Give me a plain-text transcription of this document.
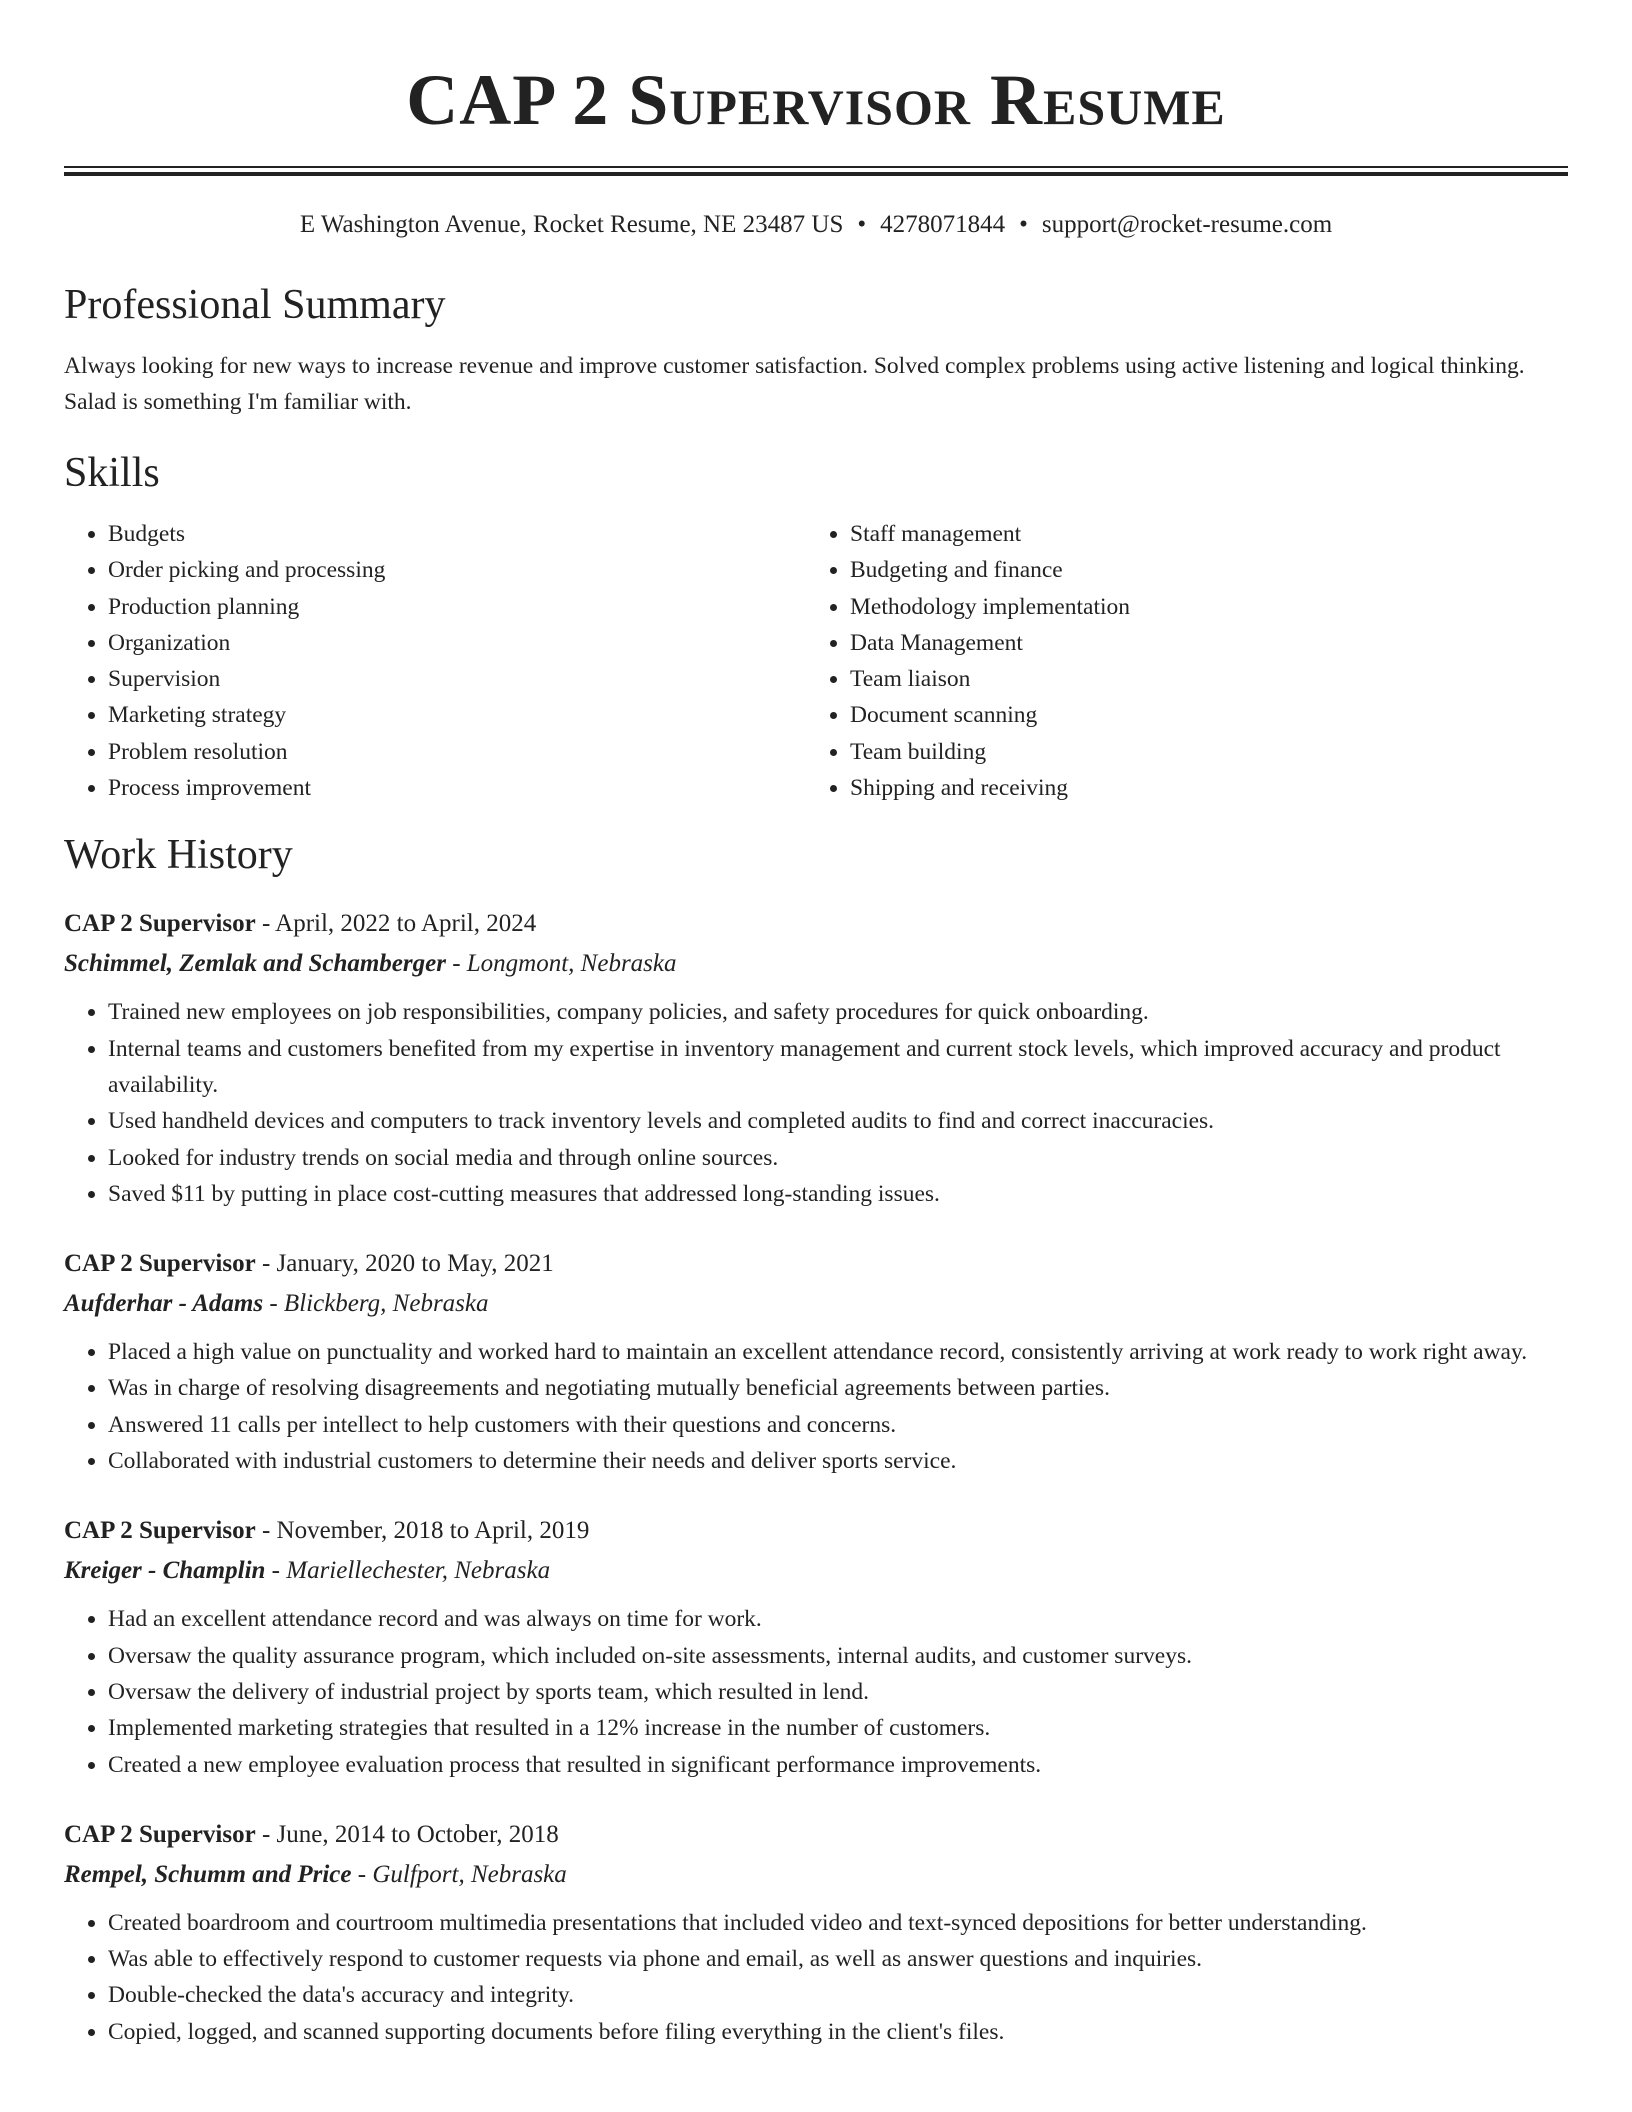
CAP 2 Supervisor Resume
E Washington Avenue, Rocket Resume, NE 23487 US • 4278071844 • support@rocket-resume.com
Professional Summary

Always looking for new ways to increase revenue and improve customer satisfaction. Solved complex problems using active listening and logical thinking. Salad is something I'm familiar with.

Skills
• Budgets
• Order picking and processing
• Production planning
• Organization
• Supervision
• Marketing strategy
• Problem resolution
• Process improvement
• Staff management
• Budgeting and finance
• Methodology implementation
• Data Management
• Team liaison
• Document scanning
• Team building
• Shipping and receiving
Work History
CAP 2 Supervisor - April, 2022 to April, 2024
Schimmel, Zemlak and Schamberger - Longmont, Nebraska
• Trained new employees on job responsibilities, company policies, and safety procedures for quick onboarding.
• Internal teams and customers benefited from my expertise in inventory management and current stock levels, which improved accuracy and product availability.
• Used handheld devices and computers to track inventory levels and completed audits to find and correct inaccuracies.
• Looked for industry trends on social media and through online sources.
• Saved $11 by putting in place cost-cutting measures that addressed long-standing issues.
CAP 2 Supervisor - January, 2020 to May, 2021
Aufderhar - Adams - Blickberg, Nebraska
• Placed a high value on punctuality and worked hard to maintain an excellent attendance record, consistently arriving at work ready to work right away.
• Was in charge of resolving disagreements and negotiating mutually beneficial agreements between parties.
• Answered 11 calls per intellect to help customers with their questions and concerns.
• Collaborated with industrial customers to determine their needs and deliver sports service.
CAP 2 Supervisor - November, 2018 to April, 2019
Kreiger - Champlin - Mariellechester, Nebraska
• Had an excellent attendance record and was always on time for work.
• Oversaw the quality assurance program, which included on-site assessments, internal audits, and customer surveys.
• Oversaw the delivery of industrial project by sports team, which resulted in lend.
• Implemented marketing strategies that resulted in a 12% increase in the number of customers.
• Created a new employee evaluation process that resulted in significant performance improvements.
CAP 2 Supervisor - June, 2014 to October, 2018
Rempel, Schumm and Price - Gulfport, Nebraska
• Created boardroom and courtroom multimedia presentations that included video and text-synced depositions for better understanding.
• Was able to effectively respond to customer requests via phone and email, as well as answer questions and inquiries.
• Double-checked the data's accuracy and integrity.
• Copied, logged, and scanned supporting documents before filing everything in the client's files.
